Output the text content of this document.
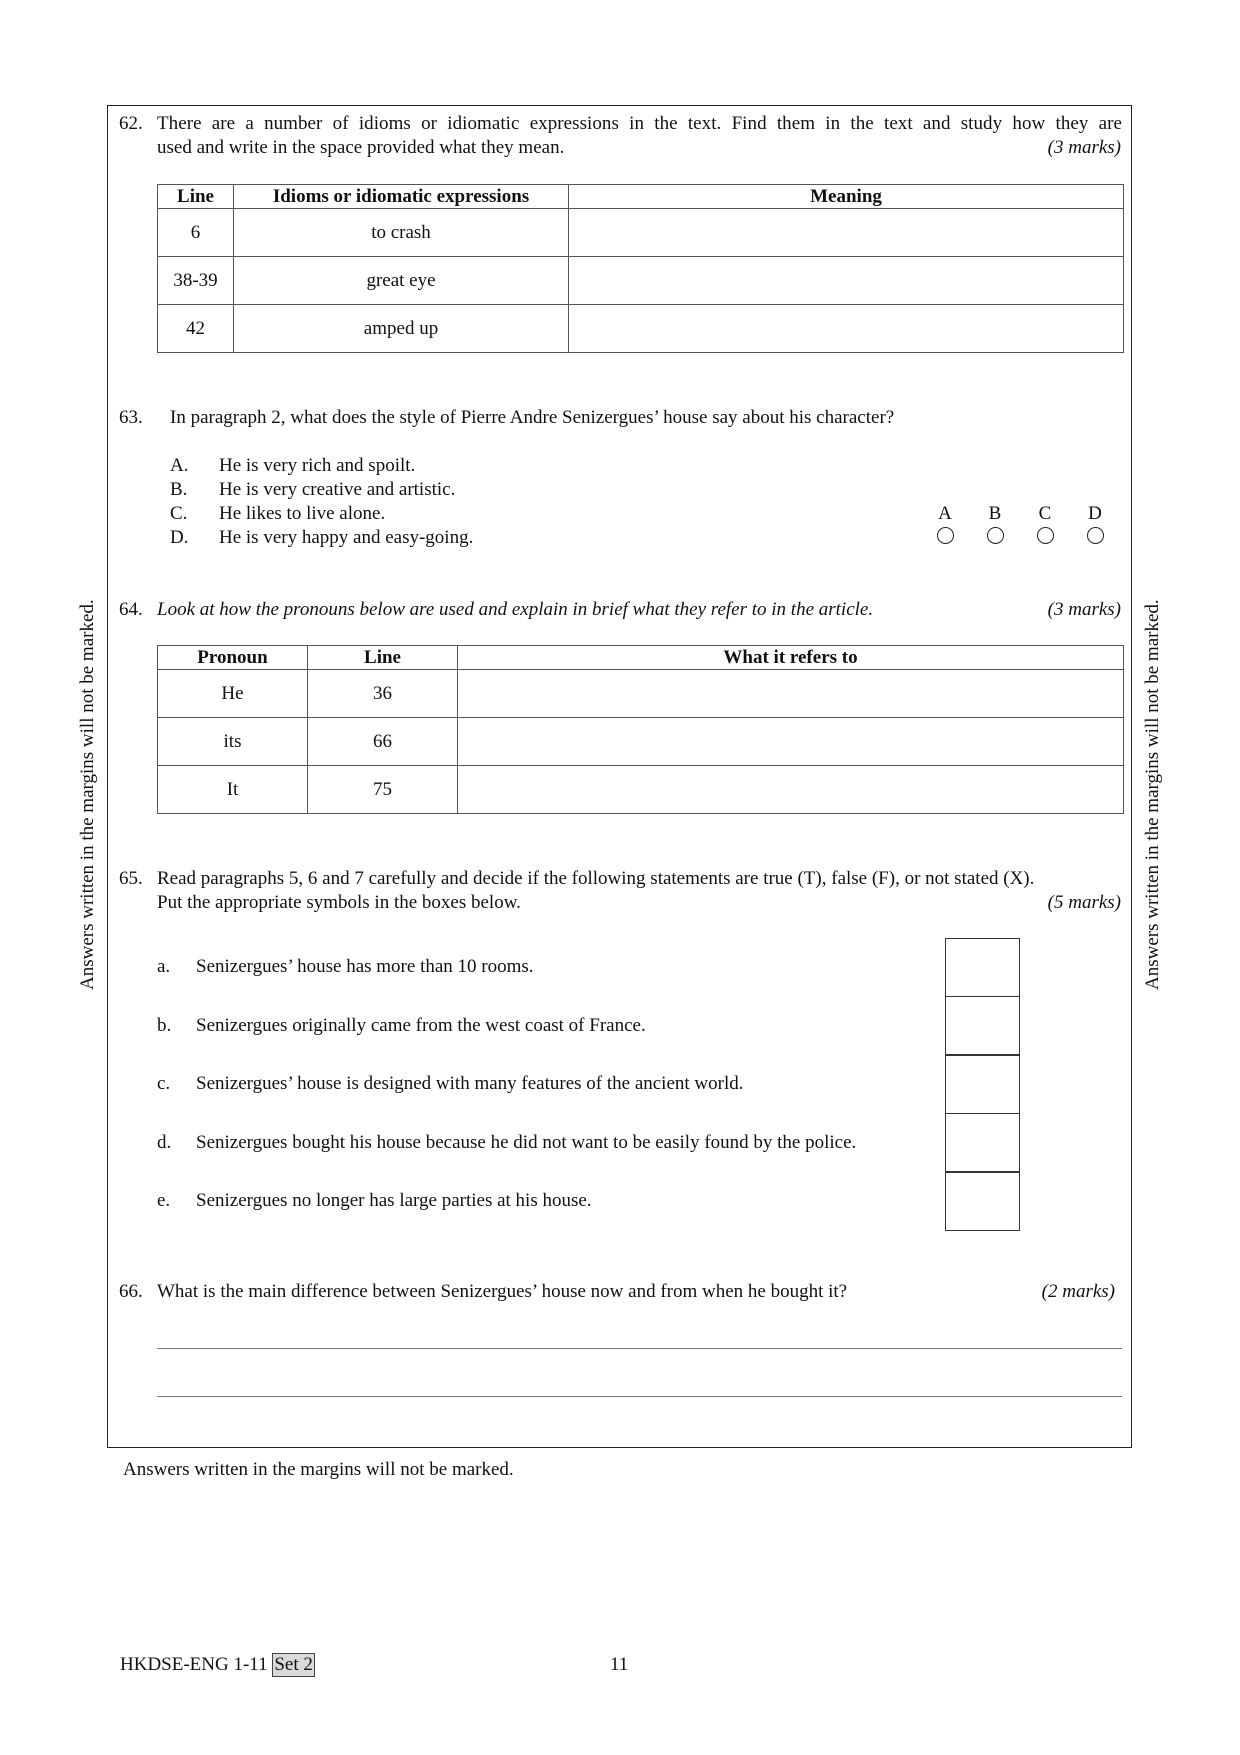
Answers written in the margins will not be marked.	Answers written in the margins will not be marked.
62. There are a number of idioms or idiomatic expressions in the text. Find them in the text and study how they are
used and write in the space provided what they mean.	(3 marks)
Line	Idioms or idiomatic expressions	Meaning
6	to crash	
38-39	great eye	
42	amped up	
63. In paragraph 2, what does the style of Pierre Andre Senizergues’ house say about his character?
A. He is very rich and spoilt.
B. He is very creative and artistic.
C. He likes to live alone.
D. He is very happy and easy-going.
A B C D
64. Look at how the pronouns below are used and explain in brief what they refer to in the article.	(3 marks)
Pronoun	Line	What it refers to
He	36	
its	66	
It	75	
65. Read paragraphs 5, 6 and 7 carefully and decide if the following statements are true (T), false (F), or not stated (X).
Put the appropriate symbols in the boxes below.	(5 marks)
a. Senizergues’ house has more than 10 rooms.
b. Senizergues originally came from the west coast of France.
c. Senizergues’ house is designed with many features of the ancient world.
d. Senizergues bought his house because he did not want to be easily found by the police.
e. Senizergues no longer has large parties at his house.
66. What is the main difference between Senizergues’ house now and from when he bought it?	(2 marks)
Answers written in the margins will not be marked.
HKDSE-ENG 1-11 Set 2	11
